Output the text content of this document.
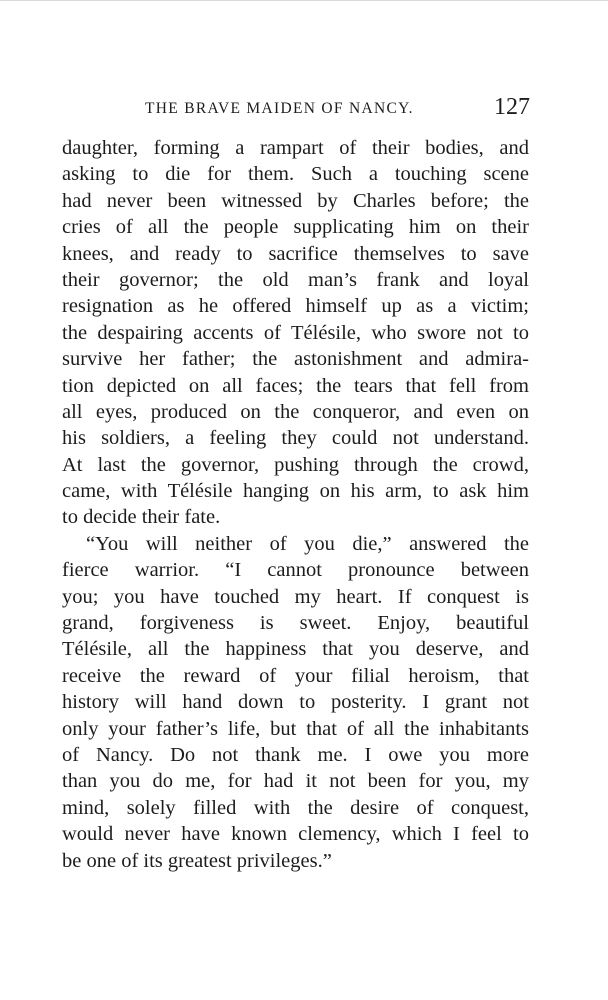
THE BRAVE MAIDEN OF NANCY.	127
daughter, forming a rampart of their bodies, and
asking to die for them. Such a touching scene
had never been witnessed by Charles before; the
cries of all the people supplicating him on their
knees, and ready to sacrifice themselves to save
their governor; the old man’s frank and loyal
resignation as he offered himself up as a victim;
the despairing accents of Télésile, who swore not to
survive her father; the astonishment and admira-
tion depicted on all faces; the tears that fell from
all eyes, produced on the conqueror, and even on
his soldiers, a feeling they could not understand.
At last the governor, pushing through the crowd,
came, with Télésile hanging on his arm, to ask him
to decide their fate.
“You will neither of you die,” answered the
fierce warrior. “I cannot pronounce between
you; you have touched my heart. If conquest is
grand, forgiveness is sweet. Enjoy, beautiful
Télésile, all the happiness that you deserve, and
receive the reward of your filial heroism, that
history will hand down to posterity. I grant not
only your father’s life, but that of all the inhabitants
of Nancy. Do not thank me. I owe you more
than you do me, for had it not been for you, my
mind, solely filled with the desire of conquest,
would never have known clemency, which I feel to
be one of its greatest privileges.”
